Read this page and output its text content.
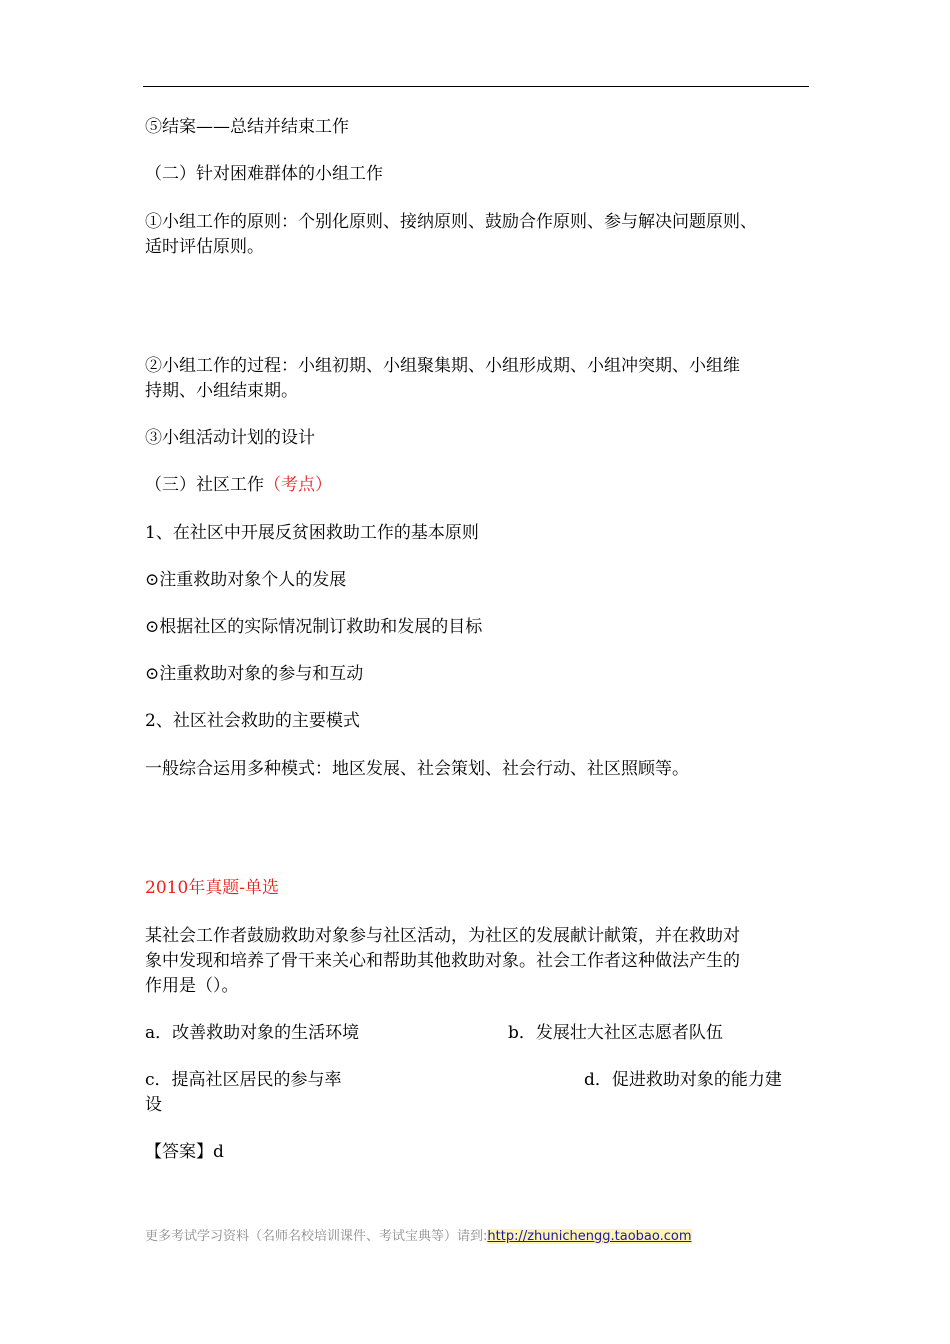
⑤结案——总结并结束工作

（二）针对困难群体的小组工作

①小组工作的原则：个别化原则、接纳原则、鼓励合作原则、参与解决问题原则、

适时评估原则。

②小组工作的过程：小组初期、小组聚集期、小组形成期、小组冲突期、小组维

持期、小组结束期。

③小组活动计划的设计

（三）社区工作（考点）

1、在社区中开展反贫困救助工作的基本原则

⊙注重救助对象个人的发展

⊙根据社区的实际情况制订救助和发展的目标

⊙注重救助对象的参与和互动

2、社区社会救助的主要模式

一般综合运用多种模式：地区发展、社会策划、社会行动、社区照顾等。

2010年真题-单选

某社会工作者鼓励救助对象参与社区活动，为社区的发展献计献策，并在救助对

象中发现和培养了骨干来关心和帮助其他救助对象。社会工作者这种做法产生的

作用是（）。

a．改善救助对象的生活环境	b．发展壮大社区志愿者队伍

c．提高社区居民的参与率	d．促进救助对象的能力建

设

【答案】d

更多考试学习资料（名师名校培训课件、考试宝典等）请到:http://zhunichengg.taobao.com
